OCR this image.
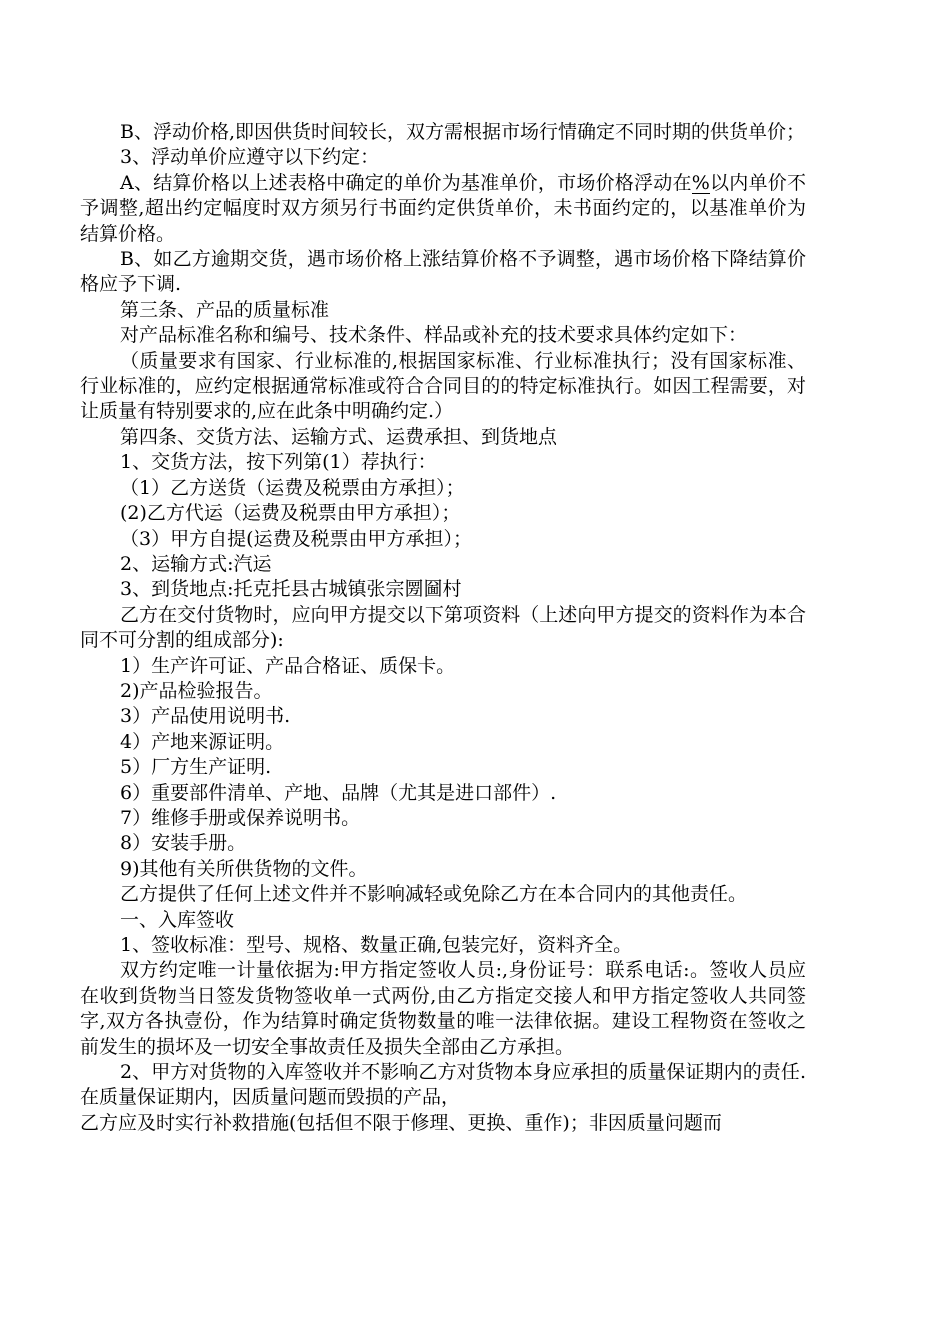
B、浮动价格,即因供货时间较长，双方需根据市场行情确定不同时期的供货单价；
3、浮动单价应遵守以下约定：
A、结算价格以上述表格中确定的单价为基准单价，市场价格浮动在%以内单价不予调整,超出约定幅度时双方须另行书面约定供货单价，未书面约定的，以基准单价为结算价格。
B、如乙方逾期交货，遇市场价格上涨结算价格不予调整，遇市场价格下降结算价格应予下调.
第三条、产品的质量标准
对产品标准名称和编号、技术条件、样品或补充的技术要求具体约定如下：
（质量要求有国家、行业标准的,根据国家标准、行业标准执行；没有国家标准、行业标准的，应约定根据通常标准或符合合同目的的特定标准执行。如因工程需要，对让质量有特别要求的,应在此条中明确约定.）
第四条、交货方法、运输方式、运费承担、到货地点
1、交货方法，按下列第(1）荐执行：
（1）乙方送货（运费及税票由方承担）；
(2)乙方代运（运费及税票由甲方承担）；
（3）甲方自提(运费及税票由甲方承担）；
2、运输方式:汽运
3、到货地点:托克托县古城镇张宗圐圙村
乙方在交付货物时，应向甲方提交以下第项资料（上述向甲方提交的资料作为本合同不可分割的组成部分):
1）生产许可证、产品合格证、质保卡。
2)产品检验报告。
3）产品使用说明书.
4）产地来源证明。
5）厂方生产证明.
6）重要部件清单、产地、品牌（尤其是进口部件）.
7）维修手册或保养说明书。
8）安装手册。
9)其他有关所供货物的文件。
乙方提供了任何上述文件并不影响减轻或免除乙方在本合同内的其他责任。
一、入库签收
1、签收标准：型号、规格、数量正确,包装完好，资料齐全。
双方约定唯一计量依据为:甲方指定签收人员:,身份证号：联系电话:。签收人员应在收到货物当日签发货物签收单一式两份,由乙方指定交接人和甲方指定签收人共同签字,双方各执壹份，作为结算时确定货物数量的唯一法律依据。建设工程物资在签收之前发生的损坏及一切安全事故责任及损失全部由乙方承担。
2、甲方对货物的入库签收并不影响乙方对货物本身应承担的质量保证期内的责任.在质量保证期内，因质量问题而毁损的产品，
乙方应及时实行补救措施(包括但不限于修理、更换、重作)；非因质量问题而
